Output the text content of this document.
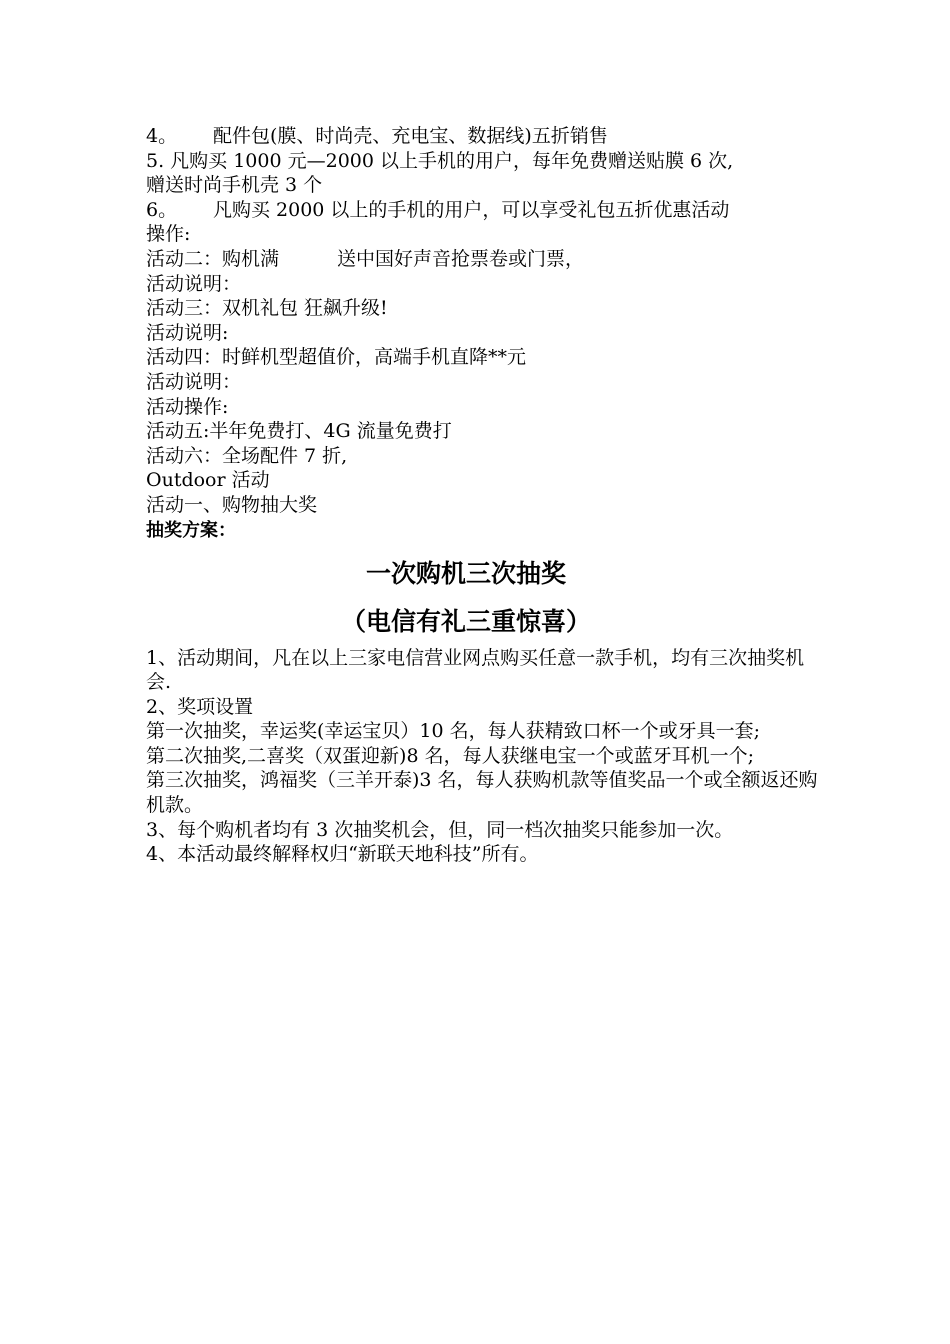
4。 配件包(膜、时尚壳、充电宝、数据线)五折销售
5. 凡购买 1000 元—2000 以上手机的用户，每年免费赠送贴膜 6 次,
赠送时尚手机壳 3 个
6。 凡购买 2000 以上的手机的用户，可以享受礼包五折优惠活动
操作:
活动二：购机满	送中国好声音抢票卷或门票，
活动说明：
活动三：双机礼包 狂飙升级!
活动说明:
活动四：时鲜机型超值价，高端手机直降**元
活动说明：
活动操作:
活动五:半年免费打、4G 流量免费打
活动六：全场配件 7 折,
Outdoor 活动
活动一、购物抽大奖
抽奖方案：
一次购机三次抽奖
（电信有礼三重惊喜）
1、活动期间，凡在以上三家电信营业网点购买任意一款手机，均有三次抽奖机会.
2、奖项设置
第一次抽奖，幸运奖(幸运宝贝）10 名，每人获精致口杯一个或牙具一套;
第二次抽奖,二喜奖（双蛋迎新)8 名，每人获继电宝一个或蓝牙耳机一个;
第三次抽奖，鸿福奖（三羊开泰)3 名，每人获购机款等值奖品一个或全额返还购机款。
3、每个购机者均有 3 次抽奖机会，但，同一档次抽奖只能参加一次。
4、本活动最终解释权归“新联天地科技”所有。
